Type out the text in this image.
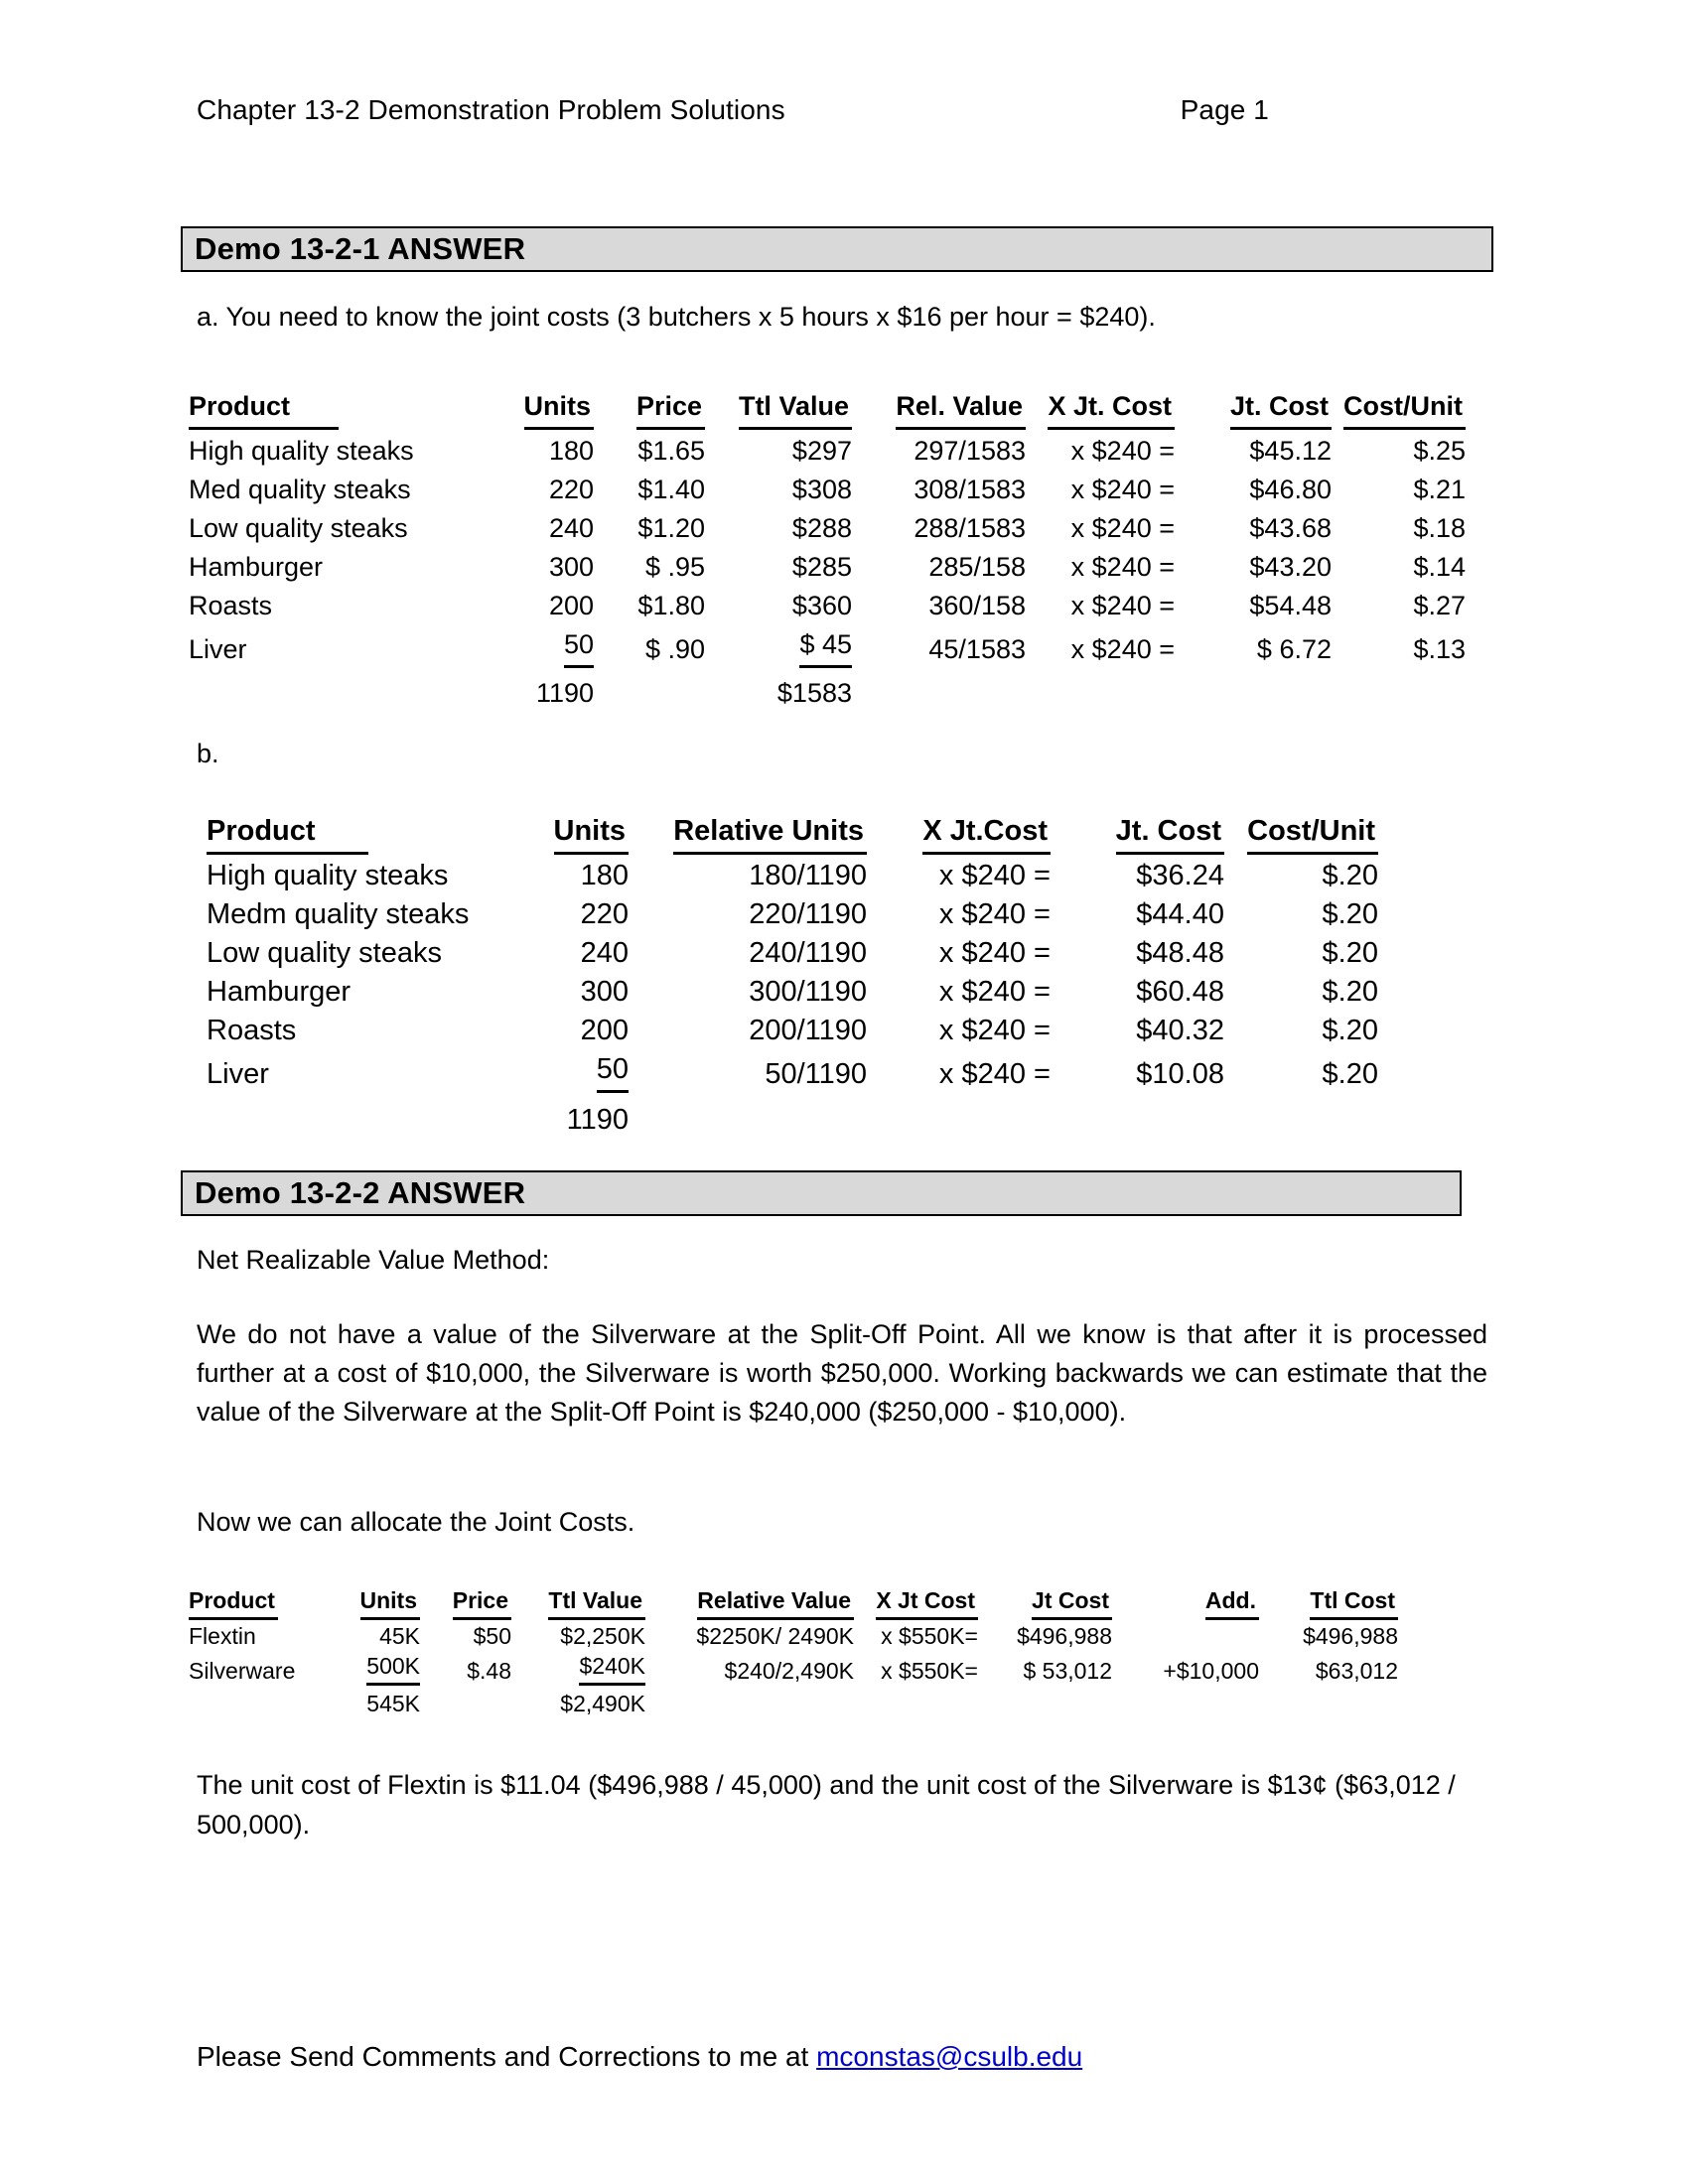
Chapter 13-2 Demonstration Problem Solutions	Page 1
Demo 13-2-1 ANSWER
a. You need to know the joint costs (3 butchers x 5 hours x $16 per hour = $240).
Product	Units	Price	Ttl Value	Rel. Value	X Jt. Cost	Jt. Cost	Cost/Unit
High quality steaks	180	$1.65	$297	297/1583	x $240 =	$45.12	$.25
Med quality steaks	220	$1.40	$308	308/1583	x $240 =	$46.80	$.21
Low quality steaks	240	$1.20	$288	288/1583	x $240 =	$43.68	$.18
Hamburger	300	$ .95	$285	285/158	x $240 =	$43.20	$.14
Roasts	200	$1.80	$360	360/158	x $240 =	$54.48	$.27
Liver	50	$ .90	$ 45	45/1583	x $240 =	$ 6.72	$.13
	1190		$1583				
b.
Product	Units	Relative Units	X Jt.Cost	Jt. Cost	Cost/Unit
High quality steaks	180	180/1190	x $240 =	$36.24	$.20
Medm quality steaks	220	220/1190	x $240 =	$44.40	$.20
Low quality steaks	240	240/1190	x $240 =	$48.48	$.20
Hamburger	300	300/1190	x $240 =	$60.48	$.20
Roasts	200	200/1190	x $240 =	$40.32	$.20
Liver	50	50/1190	x $240 =	$10.08	$.20
	1190				
Demo 13-2-2 ANSWER
Net Realizable Value Method:
We do not have a value of the Silverware at the Split-Off Point. All we know is that after it is processed further at a cost of $10,000, the Silverware is worth $250,000. Working backwards we can estimate that the value of the Silverware at the Split-Off Point is $240,000 ($250,000 - $10,000).
Now we can allocate the Joint Costs.
Product	Units	Price	Ttl Value	Relative Value	X Jt Cost	Jt Cost	Add.	Ttl Cost
Flextin	45K	$50	$2,250K	$2250K/ 2490K	x $550K=	$496,988		$496,988
Silverware	500K	$.48	$240K	$240/2,490K	x $550K=	$ 53,012	+$10,000	$63,012
	545K		$2,490K					
The unit cost of Flextin is $11.04 ($496,988 / 45,000) and the unit cost of the Silverware is $13¢ ($63,012 / 500,000).
Please Send Comments and Corrections to me at mconstas@csulb.edu
